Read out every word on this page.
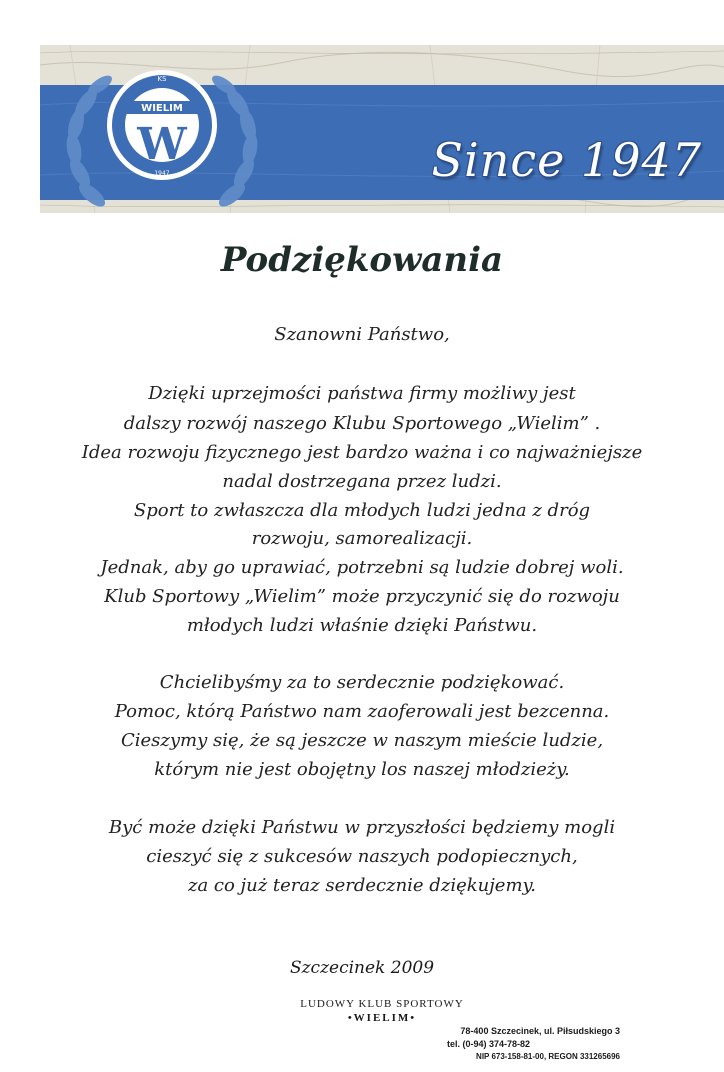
WIELIM
KS
W
1947	Since 1947
Podziękowania
Szanowni Państwo,
Dzięki uprzejmości państwa firmy możliwy jest
dalszy rozwój naszego Klubu Sportowego „Wielim” .
Idea rozwoju fizycznego jest bardzo ważna i co najważniejsze
nadal dostrzegana przez ludzi.
Sport to zwłaszcza dla młodych ludzi jedna z dróg
rozwoju, samorealizacji.
Jednak, aby go uprawiać, potrzebni są ludzie dobrej woli.
Klub Sportowy „Wielim” może przyczynić się do rozwoju
młodych ludzi właśnie dzięki Państwu.
Chcielibyśmy za to serdecznie podziękować.
Pomoc, którą Państwo nam zaoferowali jest bezcenna.
Cieszymy się, że są jeszcze w naszym mieście ludzie,
którym nie jest obojętny los naszej młodzieży.
Być może dzięki Państwu w przyszłości będziemy mogli
cieszyć się z sukcesów naszych podopiecznych,
za co już teraz serdecznie dziękujemy.
Szczecinek 2009
LUDOWY KLUB SPORTOWY
•WIELIM•
78-400 Szczecinek, ul. Piłsudskiego 3
tel. (0-94) 374-78-82
NIP 673-158-81-00, REGON 331265696
